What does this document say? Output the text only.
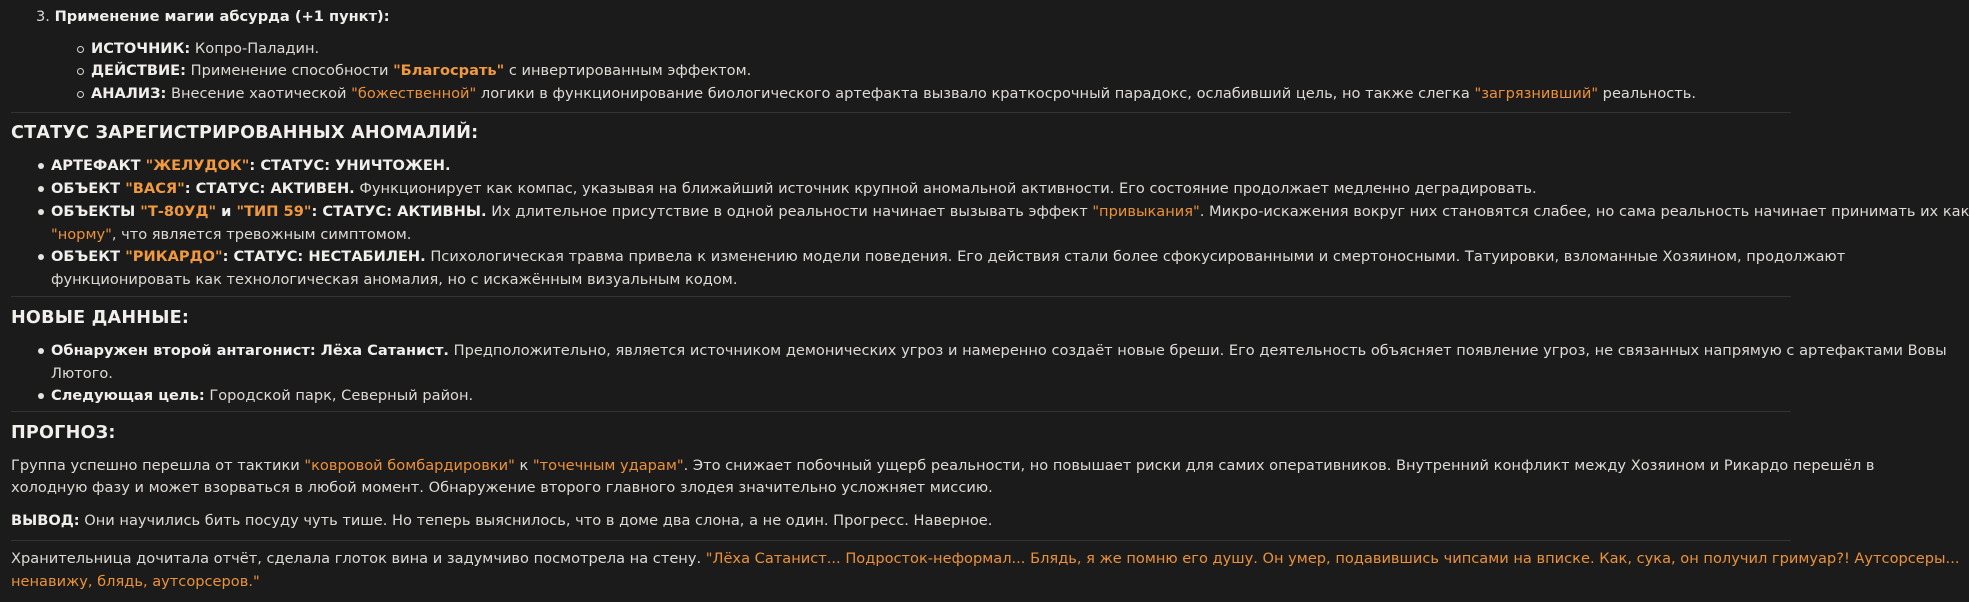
3. Применение магии абсурда (+1 пункт):
ИСТОЧНИК: Копро-Паладин.
ДЕЙСТВИЕ: Применение способности "Благосрать" с инвертированным эффектом.
АНАЛИЗ: Внесение хаотической "божественной" логики в функционирование биологического артефакта вызвало краткосрочный парадокс, ослабивший цель, но также слегка "загрязнивший" реальность.
СТАТУС ЗАРЕГИСТРИРОВАННЫХ АНОМАЛИЙ:
АРТЕФАКТ "ЖЕЛУДОК": СТАТУС: УНИЧТОЖЕН.
ОБЪЕКТ "ВАСЯ": СТАТУС: АКТИВЕН. Функционирует как компас, указывая на ближайший источник крупной аномальной активности. Его состояние продолжает медленно деградировать.
ОБЪЕКТЫ "Т-80УД" и "ТИП 59": СТАТУС: АКТИВНЫ. Их длительное присутствие в одной реальности начинает вызывать эффект "привыкания". Микро-искажения вокруг них становятся слабее, но сама реальность начинает принимать их как
"норму", что является тревожным симптомом.
ОБЪЕКТ "РИКАРДО": СТАТУС: НЕСТАБИЛЕН. Психологическая травма привела к изменению модели поведения. Его действия стали более сфокусированными и смертоносными. Татуировки, взломанные Хозяином, продолжают
функционировать как технологическая аномалия, но с искажённым визуальным кодом.
НОВЫЕ ДАННЫЕ:
Обнаружен второй антагонист: Лёха Сатанист. Предположительно, является источником демонических угроз и намеренно создаёт новые бреши. Его деятельность объясняет появление угроз, не связанных напрямую с артефактами Вовы
Лютого.
Следующая цель: Городской парк, Северный район.
ПРОГНОЗ:
Группа успешно перешла от тактики "ковровой бомбардировки" к "точечным ударам". Это снижает побочный ущерб реальности, но повышает риски для самих оперативников. Внутренний конфликт между Хозяином и Рикардо перешёл в
холодную фазу и может взорваться в любой момент. Обнаружение второго главного злодея значительно усложняет миссию.
ВЫВОД: Они научились бить посуду чуть тише. Но теперь выяснилось, что в доме два слона, а не один. Прогресс. Наверное.
Хранительница дочитала отчёт, сделала глоток вина и задумчиво посмотрела на стену. "Лёха Сатанист... Подросток-неформал... Блядь, я же помню его душу. Он умер, подавившись чипсами на вписке. Как, сука, он получил гримуар?! Аутсорсеры...
ненавижу, блядь, аутсорсеров."
